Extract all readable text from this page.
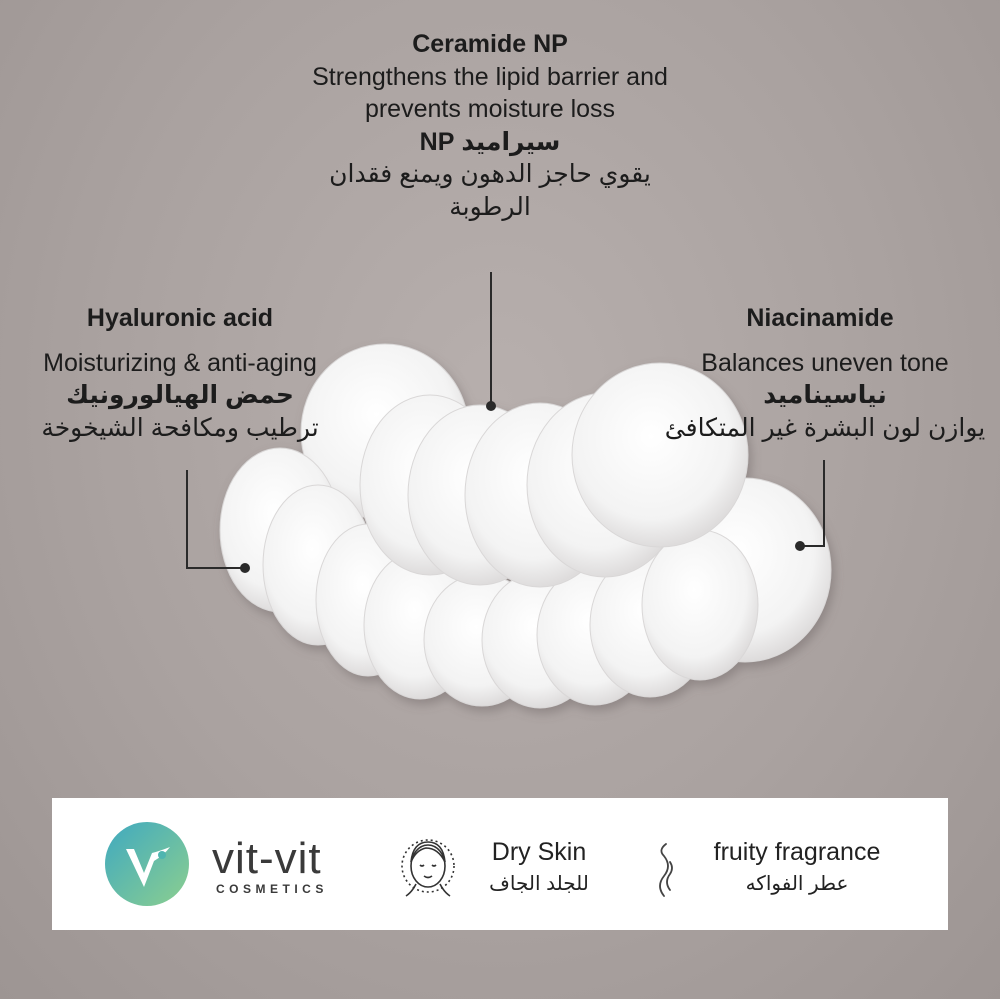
Ceramide NP
Strengthens the lipid barrier and
prevents moisture loss
سيراميد NP
يقوي حاجز الدهون ويمنع فقدان
الرطوبة
Hyaluronic acid
Moisturizing & anti-aging
حمض الهيالورونيك
ترطيب ومكافحة الشيخوخة
Niacinamide
Balances uneven tone
نياسيناميد
يوازن لون البشرة غير المتكافئ
vit-vit
COSMETICS
Dry Skin
للجلد الجاف
fruity fragrance
عطر الفواكه
